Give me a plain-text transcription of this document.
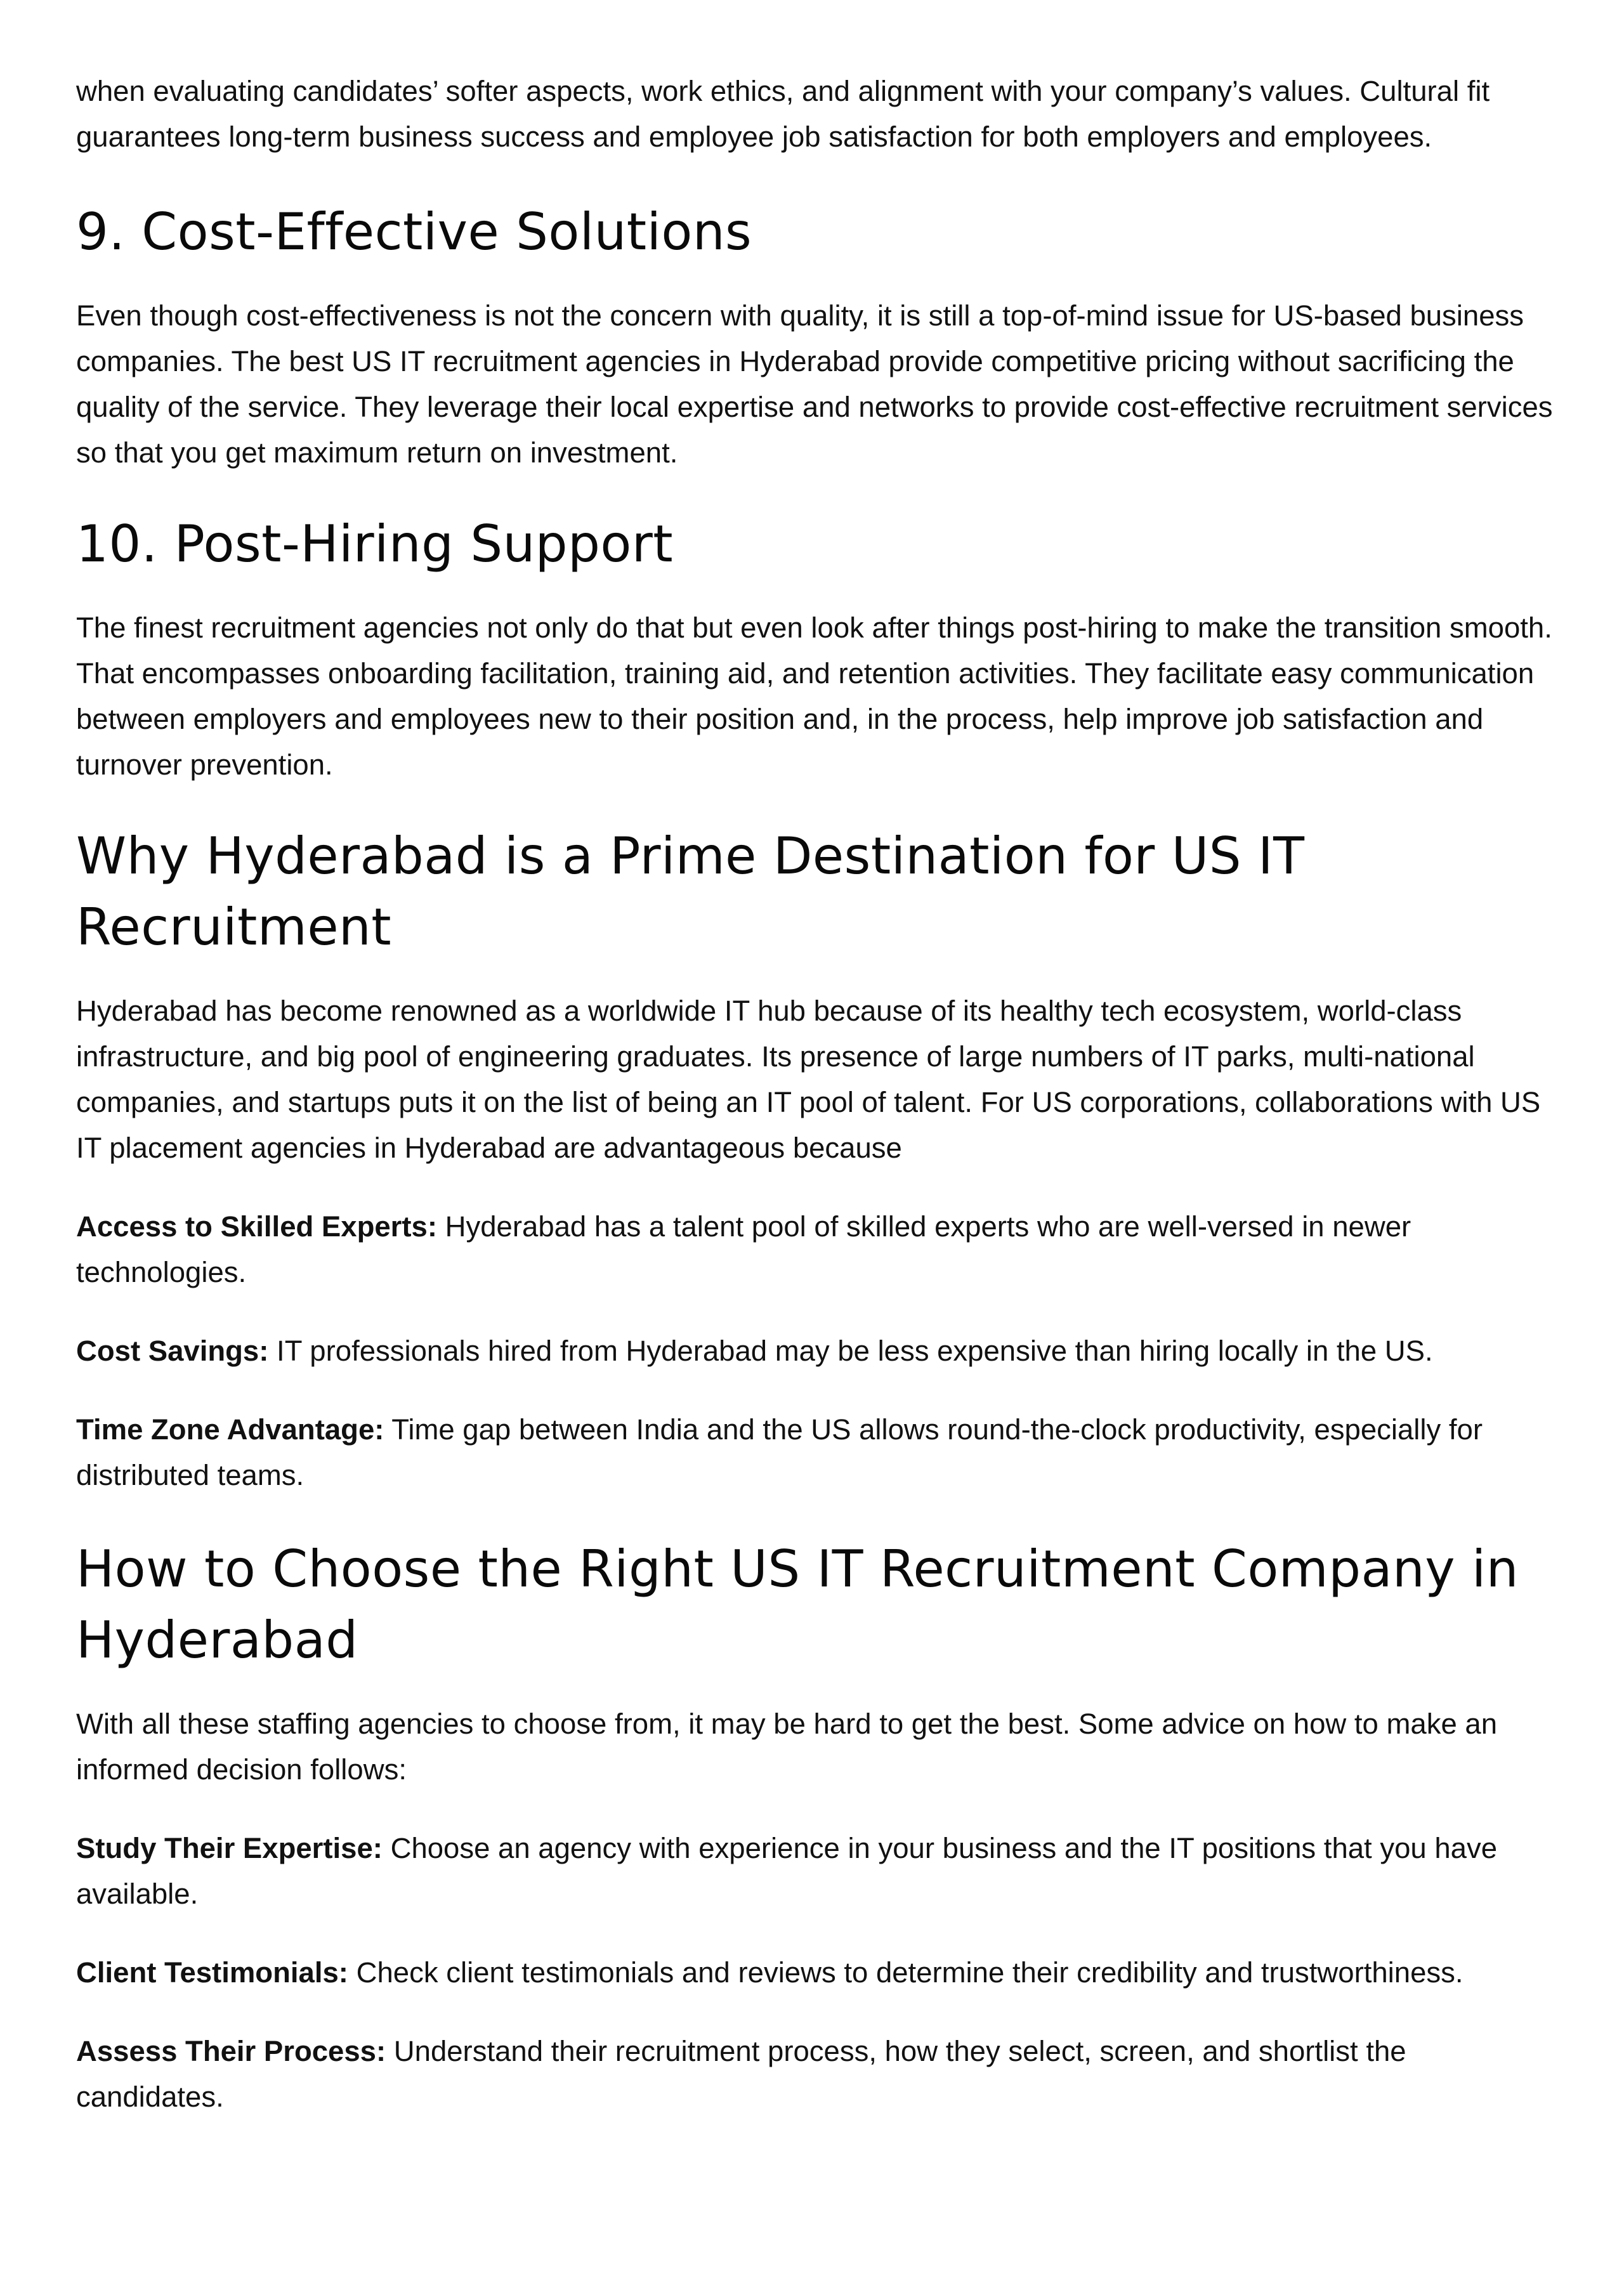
when evaluating candidates’ softer aspects, work ethics, and alignment with your company’s values. Cultural fit guarantees long-term business success and employee job satisfaction for both employers and employees.

9. Cost-Effective Solutions

Even though cost-effectiveness is not the concern with quality, it is still a top-of-mind issue for US-based business companies. The best US IT recruitment agencies in Hyderabad provide competitive pricing without sacrificing the quality of the service. They leverage their local expertise and networks to provide cost-effective recruitment services so that you get maximum return on investment.

10. Post-Hiring Support

The finest recruitment agencies not only do that but even look after things post-hiring to make the transition smooth. That encompasses onboarding facilitation, training aid, and retention activities. They facilitate easy communication between employers and employees new to their position and, in the process, help improve job satisfaction and turnover prevention.

Why Hyderabad is a Prime Destination for US IT Recruitment

Hyderabad has become renowned as a worldwide IT hub because of its healthy tech ecosystem, world-class infrastructure, and big pool of engineering graduates. Its presence of large numbers of IT parks, multi-national companies, and startups puts it on the list of being an IT pool of talent. For US corporations, collaborations with US IT placement agencies in Hyderabad are advantageous because

Access to Skilled Experts: Hyderabad has a talent pool of skilled experts who are well-versed in newer technologies.

Cost Savings: IT professionals hired from Hyderabad may be less expensive than hiring locally in the US.

Time Zone Advantage: Time gap between India and the US allows round-the-clock productivity, especially for distributed teams.

How to Choose the Right US IT Recruitment Company in Hyderabad

With all these staffing agencies to choose from, it may be hard to get the best. Some advice on how to make an informed decision follows:

Study Their Expertise: Choose an agency with experience in your business and the IT positions that you have available.

Client Testimonials: Check client testimonials and reviews to determine their credibility and trustworthiness.

Assess Their Process: Understand their recruitment process, how they select, screen, and shortlist the candidates.
